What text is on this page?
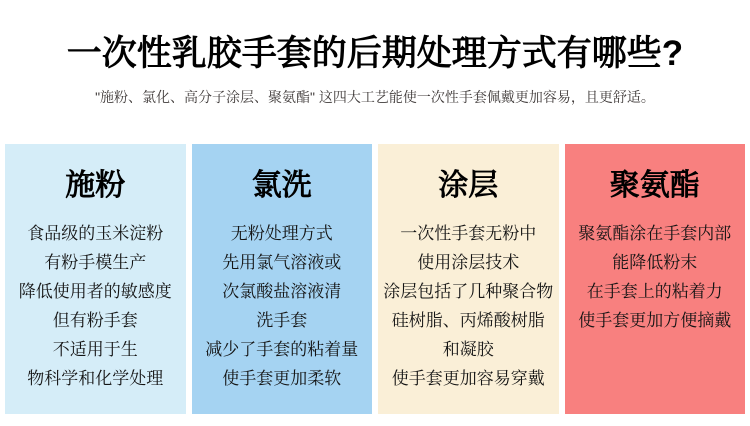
一次性乳胶手套的后期处理方式有哪些?

"施粉、氯化、高分子涂层、聚氨酯" 这四大工艺能使一次性手套佩戴更加容易，且更舒适。

施粉
食品级的玉米淀粉
有粉手模生产
降低使用者的敏感度
但有粉手套
不适用于生
物科学和化学处理
氯洗
无粉处理方式
先用氯气溶液或
次氯酸盐溶液清
洗手套
减少了手套的粘着量
使手套更加柔软
涂层
一次性手套无粉中
使用涂层技术
涂层包括了几种聚合物
硅树脂、丙烯酸树脂
和凝胶
使手套更加容易穿戴
聚氨酯
聚氨酯涂在手套内部
能降低粉末
在手套上的粘着力
使手套更加方便摘戴
